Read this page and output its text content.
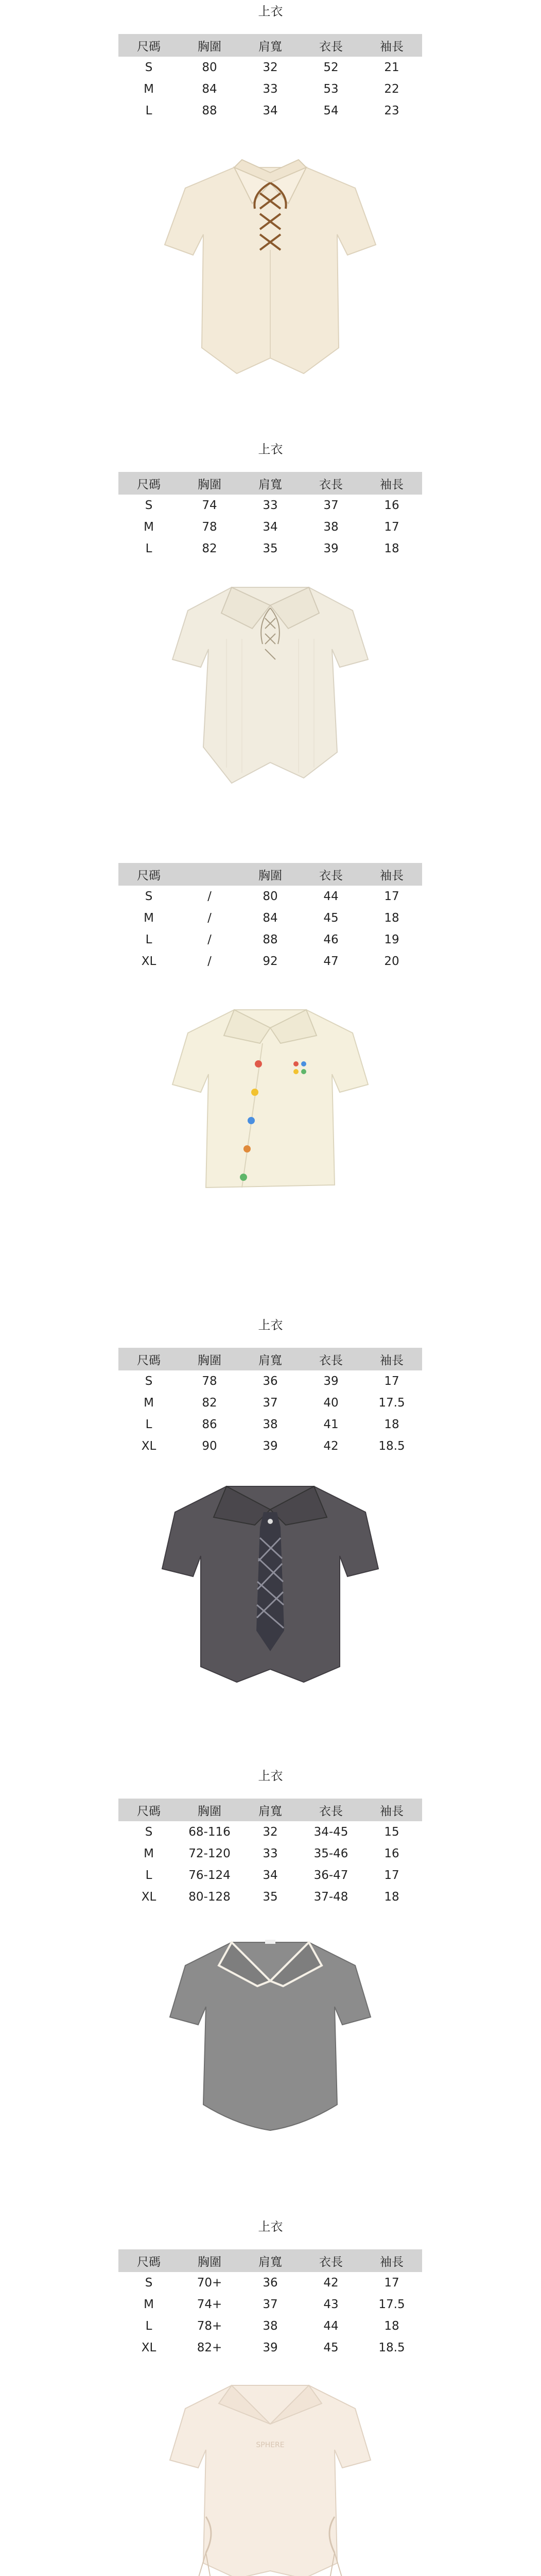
上衣
尺碼	胸圍	肩寬	衣長	袖長
S	80	32	52	21
M	84	33	53	22
L	88	34	54	23
上衣
尺碼	胸圍	肩寬	衣長	袖長
S	74	33	37	16
M	78	34	38	17
L	82	35	39	18
尺碼		胸圍	衣長	袖長
S	/	80	44	17
M	/	84	45	18
L	/	88	46	19
XL	/	92	47	20
上衣
尺碼	胸圍	肩寬	衣長	袖長
S	78	36	39	17
M	82	37	40	17.5
L	86	38	41	18
XL	90	39	42	18.5
上衣
尺碼	胸圍	肩寬	衣長	袖長
S	68-116	32	34-45	15
M	72-120	33	35-46	16
L	76-124	34	36-47	17
XL	80-128	35	37-48	18
上衣
尺碼	胸圍	肩寬	衣長	袖長
S	70+	36	42	17
M	74+	37	43	17.5
L	78+	38	44	18
XL	82+	39	45	18.5
SPHERE
